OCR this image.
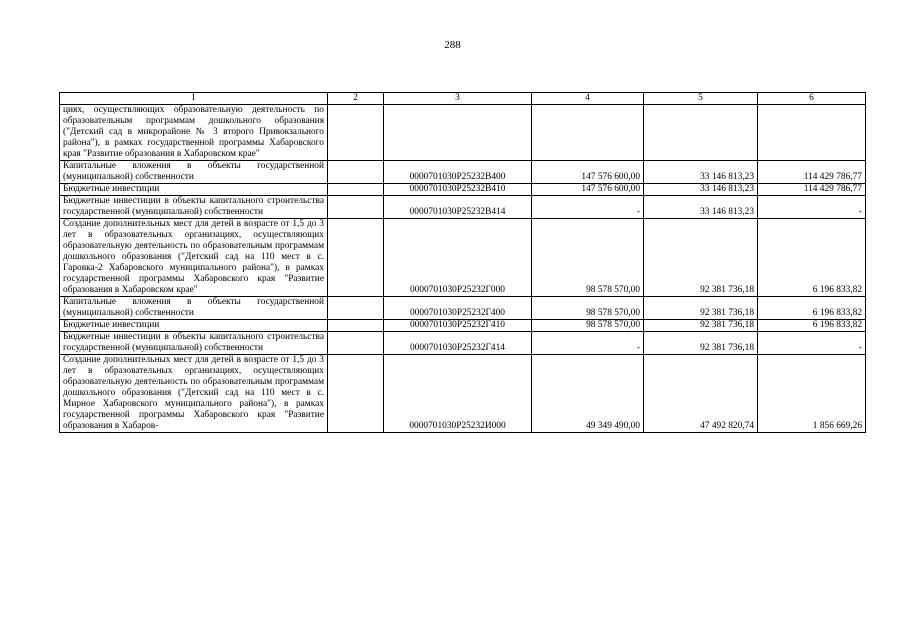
288
1	2	3	4	5	6
циях, осуществляющих образовательную деятельность по образовательным программам дошкольного образования ("Детский сад в микрорайоне № 3 второго Привокзального района"), в рамках государственной программы Хабаровского края "Развитие образования в Хабаровском крае"					
Капитальные вложения в объекты государственной (муниципальной) собственности		0000701030P25232В400	147 576 600,00	33 146 813,23	114 429 786,77
Бюджетные инвестиции		0000701030P25232В410	147 576 600,00	33 146 813,23	114 429 786,77
Бюджетные инвестиции в объекты капитального строительства государственной (муниципальной) собственности		0000701030P25232В414	-	33 146 813,23	-
Создание дополнительных мест для детей в возрасте от 1,5 до 3 лет в образовательных организациях, осуществляющих образовательную деятельность по образовательным программам дошкольного образования ("Детский сад на 110 мест в с. Гаровка-2 Хабаровского муниципального района"), в рамках государственной программы Хабаровского края "Развитие образования в Хабаровском крае"		0000701030P25232Г000	98 578 570,00	92 381 736,18	6 196 833,82
Капитальные вложения в объекты государственной (муниципальной) собственности		0000701030P25232Г400	98 578 570,00	92 381 736,18	6 196 833,82
Бюджетные инвестиции		0000701030P25232Г410	98 578 570,00	92 381 736,18	6 196 833,82
Бюджетные инвестиции в объекты капитального строительства государственной (муниципальной) собственности		0000701030P25232Г414	-	92 381 736,18	-
Создание дополнительных мест для детей в возрасте от 1,5 до 3 лет в образовательных организациях, осуществляющих образовательную деятельность по образовательным программам дошкольного образования ("Детский сад на 110 мест в с. Мирное Хабаровского муниципального района"), в рамках государственной программы Хабаровского края "Развитие образования в Хабаров-		0000701030P25232И000	49 349 490,00	47 492 820,74	1 856 669,26
